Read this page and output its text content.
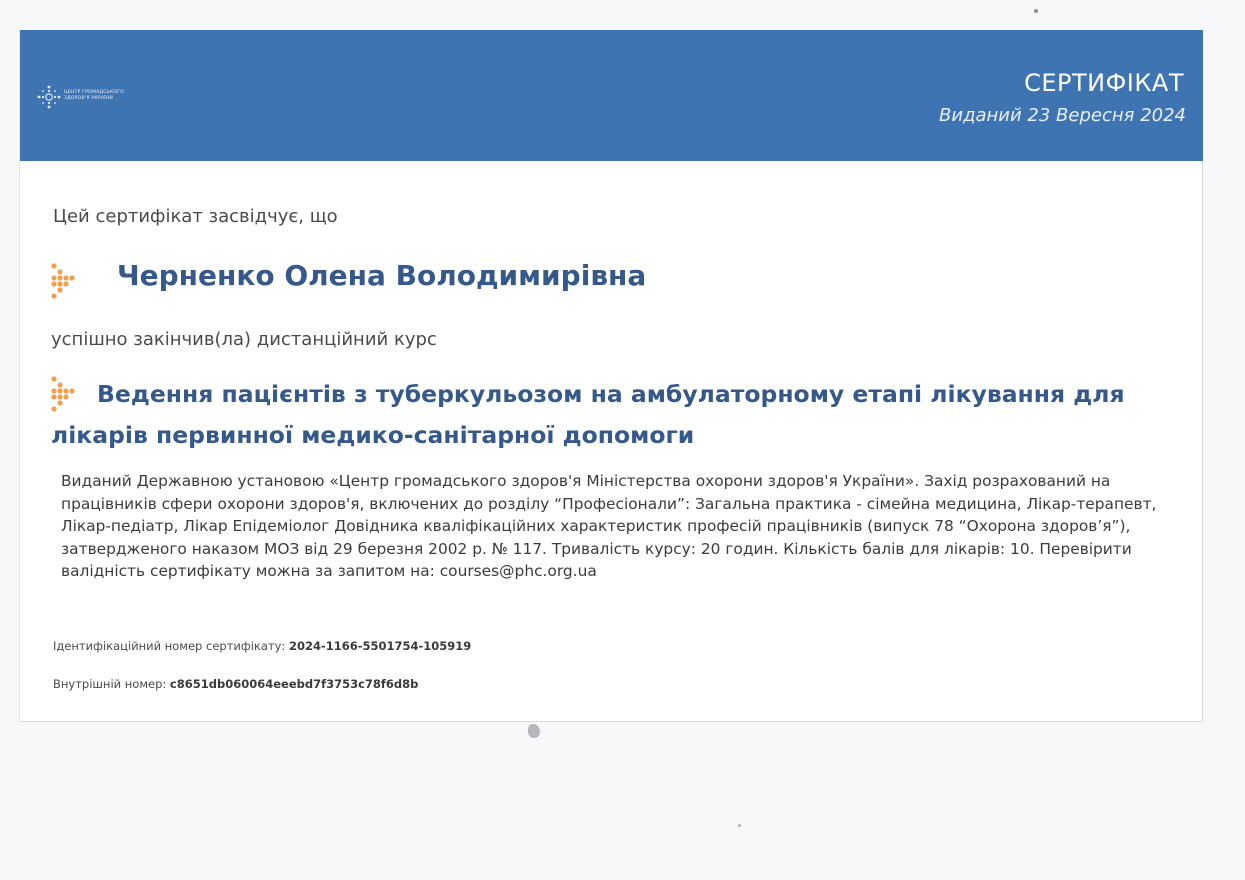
ЦЕНТР ГРОМАДСЬКОГО ЗДОРОВ'Я УКРАЇНИ
СЕРТИФІКАТ
Виданий 23 Вересня 2024
Цей сертифікат засвідчує, що
Черненко Олена Володимирівна
успішно закінчив(ла) дистанційний курс
Ведення пацієнтів з туберкульозом на амбулаторному етапі лікування для лікарів первинної медико-санітарної допомоги
Виданий Державною установою «Центр громадського здоров'я Міністерства охорони здоров'я України». Захід розрахований на працівників сфери охорони здоров'я, включених до розділу “Професіонали”: Загальна практика - сімейна медицина, Лікар-терапевт, Лікар-педіатр, Лікар Епідеміолог Довідника кваліфікаційних характеристик професій працівників (випуск 78 “Охорона здоров’я”), затвердженого наказом МОЗ від 29 березня 2002 р. № 117. Тривалість курсу: 20 годин. Кількість балів для лікарів: 10. Перевірити валідність сертифікату можна за запитом на: courses@phc.org.ua
Ідентифікаційний номер сертифікату: 2024-1166-5501754-105919
Внутрішній номер: c8651db060064eeebd7f3753c78f6d8b
